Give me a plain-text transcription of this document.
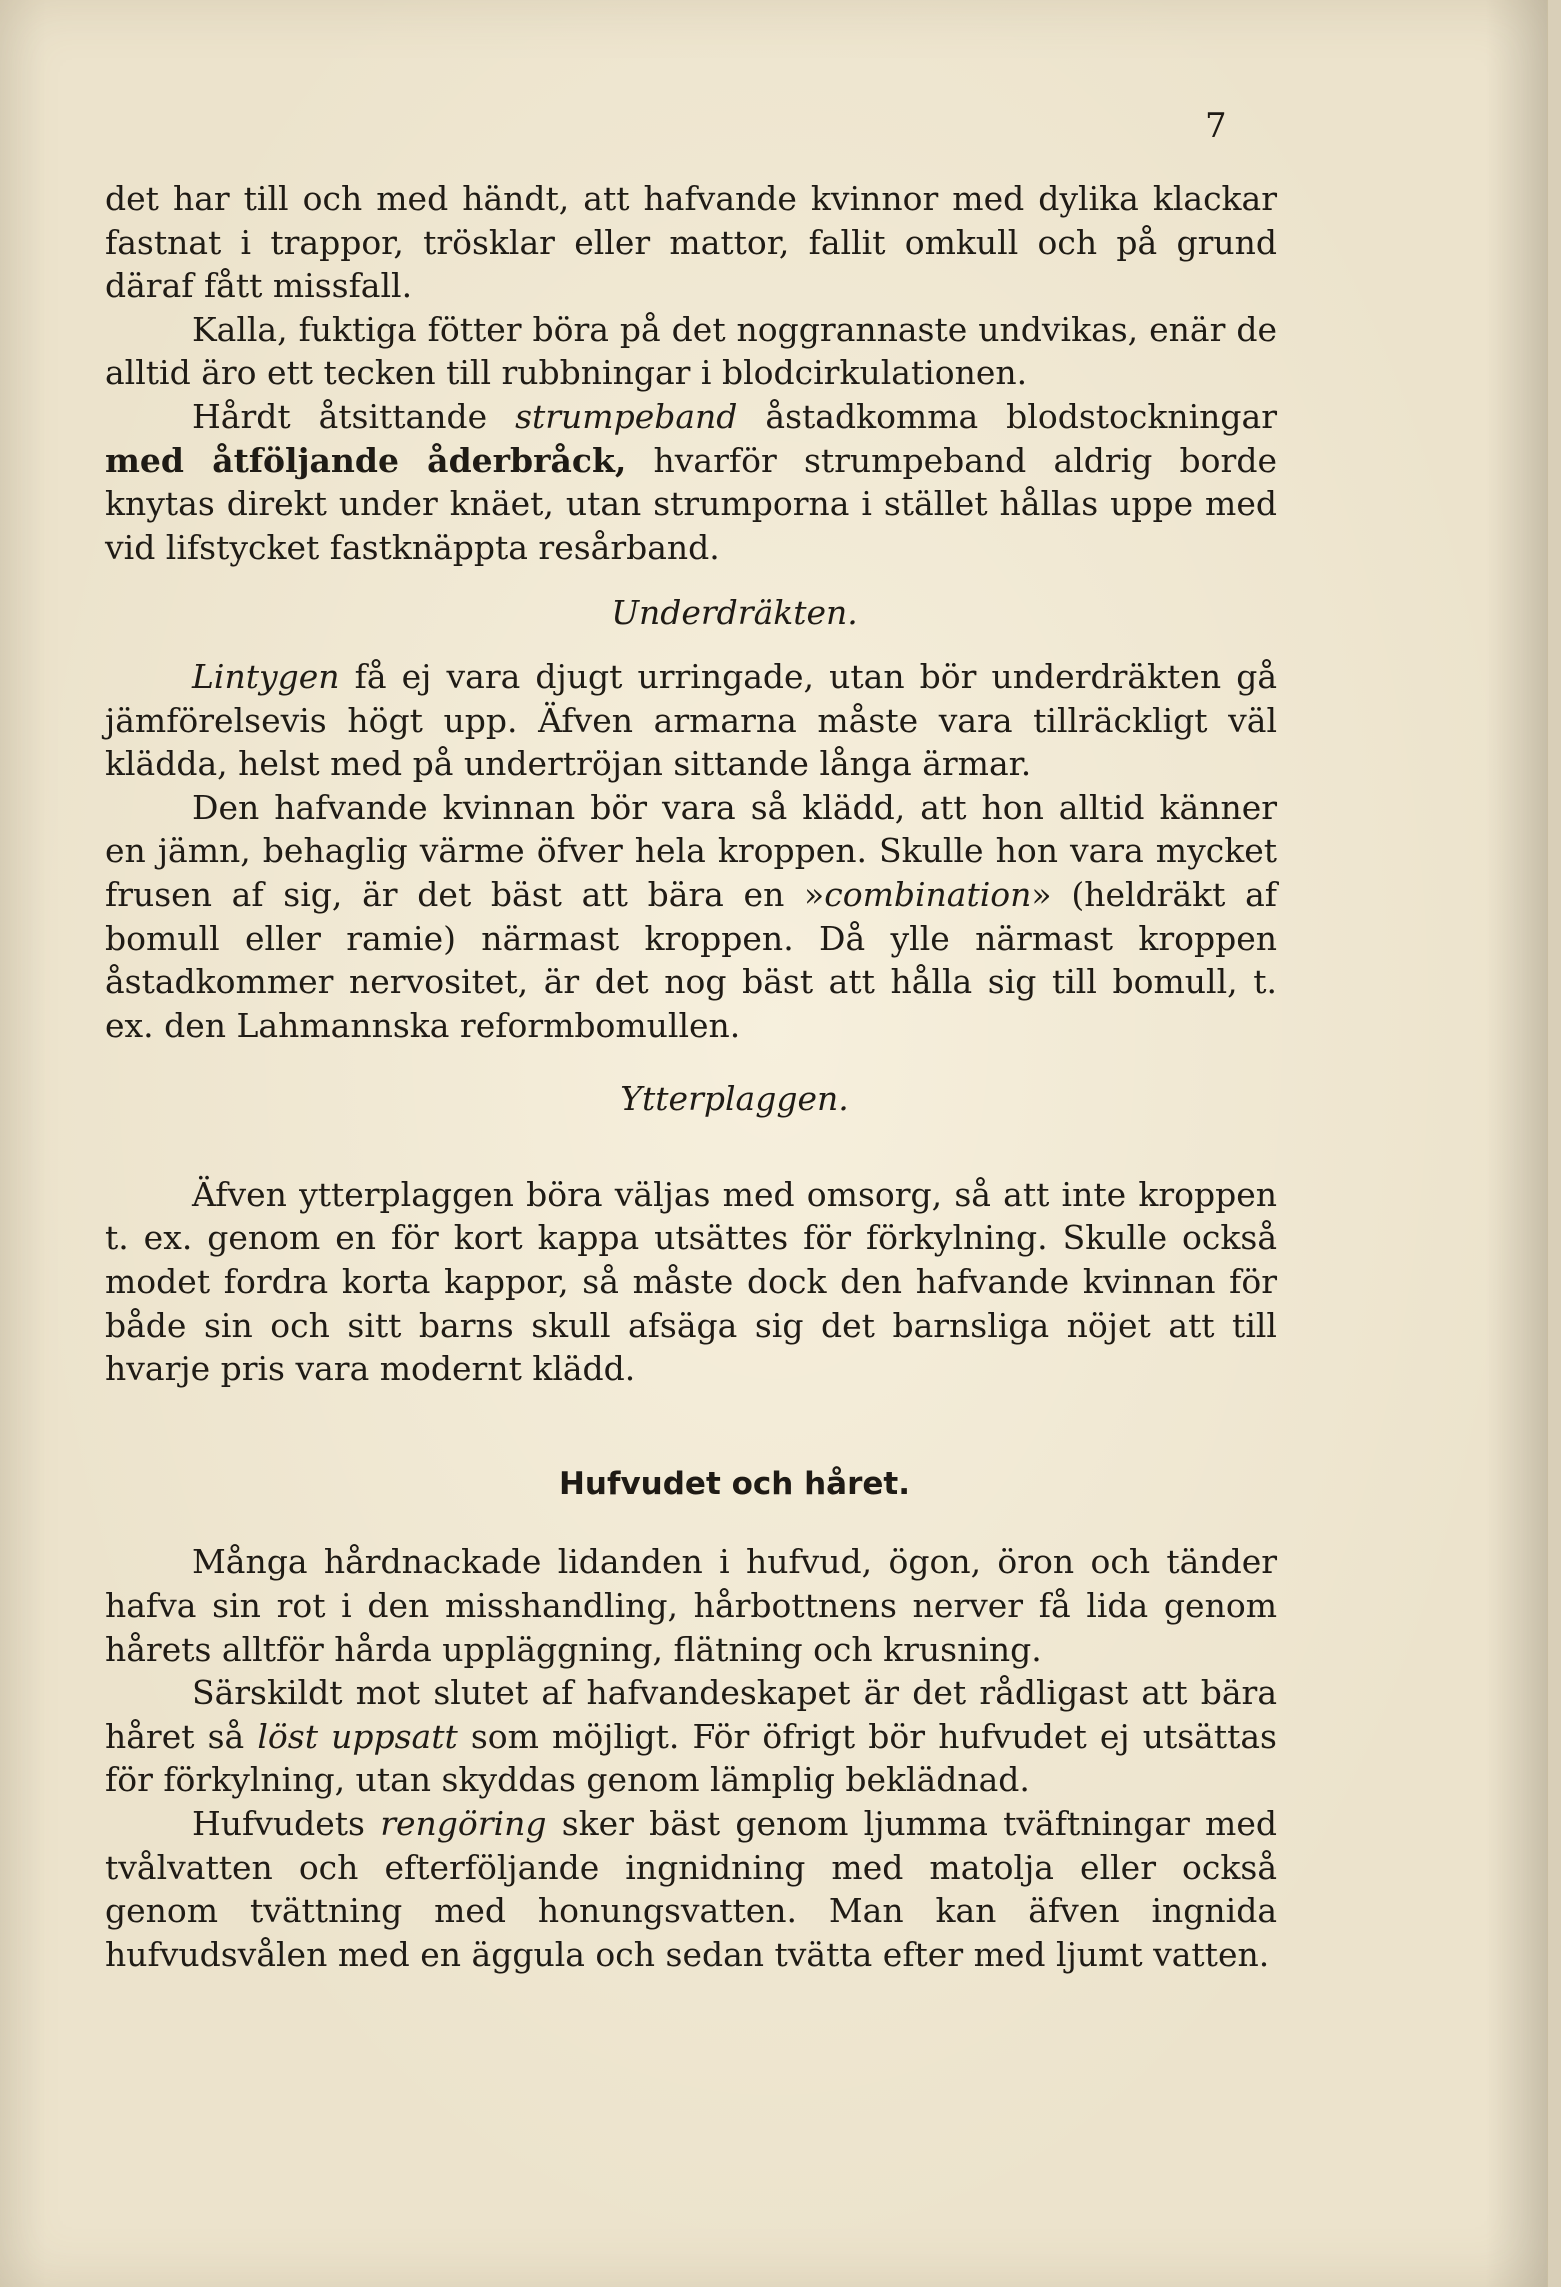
7

det har till och med händt, att hafvande kvinnor med dylika klackar fastnat i trappor, trösklar eller mattor, fallit omkull och på grund däraf fått missfall.

Kalla, fuktiga fötter böra på det noggrannaste undvikas, enär de alltid äro ett tecken till rubbningar i blodcirkulationen.

Hårdt åtsittande strumpeband åstadkomma blodstockningar med åtföljande åderbråck, hvarför strumpeband aldrig borde knytas direkt under knäet, utan strumporna i stället hållas uppe med vid lifstycket fastknäppta resårband.

Underdräkten.

Lintygen få ej vara djugt urringade, utan bör underdräkten gå jämförelsevis högt upp. Äfven armarna måste vara tillräckligt väl klädda, helst med på undertröjan sittande långa ärmar.

Den hafvande kvinnan bör vara så klädd, att hon alltid känner en jämn, behaglig värme öfver hela kroppen. Skulle hon vara mycket frusen af sig, är det bäst att bära en »combination» (heldräkt af bomull eller ramie) närmast kroppen. Då ylle närmast kroppen åstadkommer nervositet, är det nog bäst att hålla sig till bomull, t. ex. den Lahmannska reformbomullen.

Ytterplaggen.

Äfven ytterplaggen böra väljas med omsorg, så att inte kroppen t. ex. genom en för kort kappa utsättes för förkylning. Skulle också modet fordra korta kappor, så måste dock den hafvande kvinnan för både sin och sitt barns skull afsäga sig det barnsliga nöjet att till hvarje pris vara modernt klädd.

Hufvudet och håret.

Många hårdnackade lidanden i hufvud, ögon, öron och tänder hafva sin rot i den misshandling, hårbottnens nerver få lida genom hårets alltför hårda uppläggning, flätning och krusning.

Särskildt mot slutet af hafvandeskapet är det rådligast att bära håret så löst uppsatt som möjligt. För öfrigt bör hufvudet ej utsättas för förkylning, utan skyddas genom lämplig beklädnad.

Hufvudets rengöring sker bäst genom ljumma tväftningar med tvålvatten och efterföljande ingnidning med matolja eller också genom tvättning med honungsvatten. Man kan äfven ingnida hufvudsvålen med en äggula och sedan tvätta efter med ljumt vatten.
